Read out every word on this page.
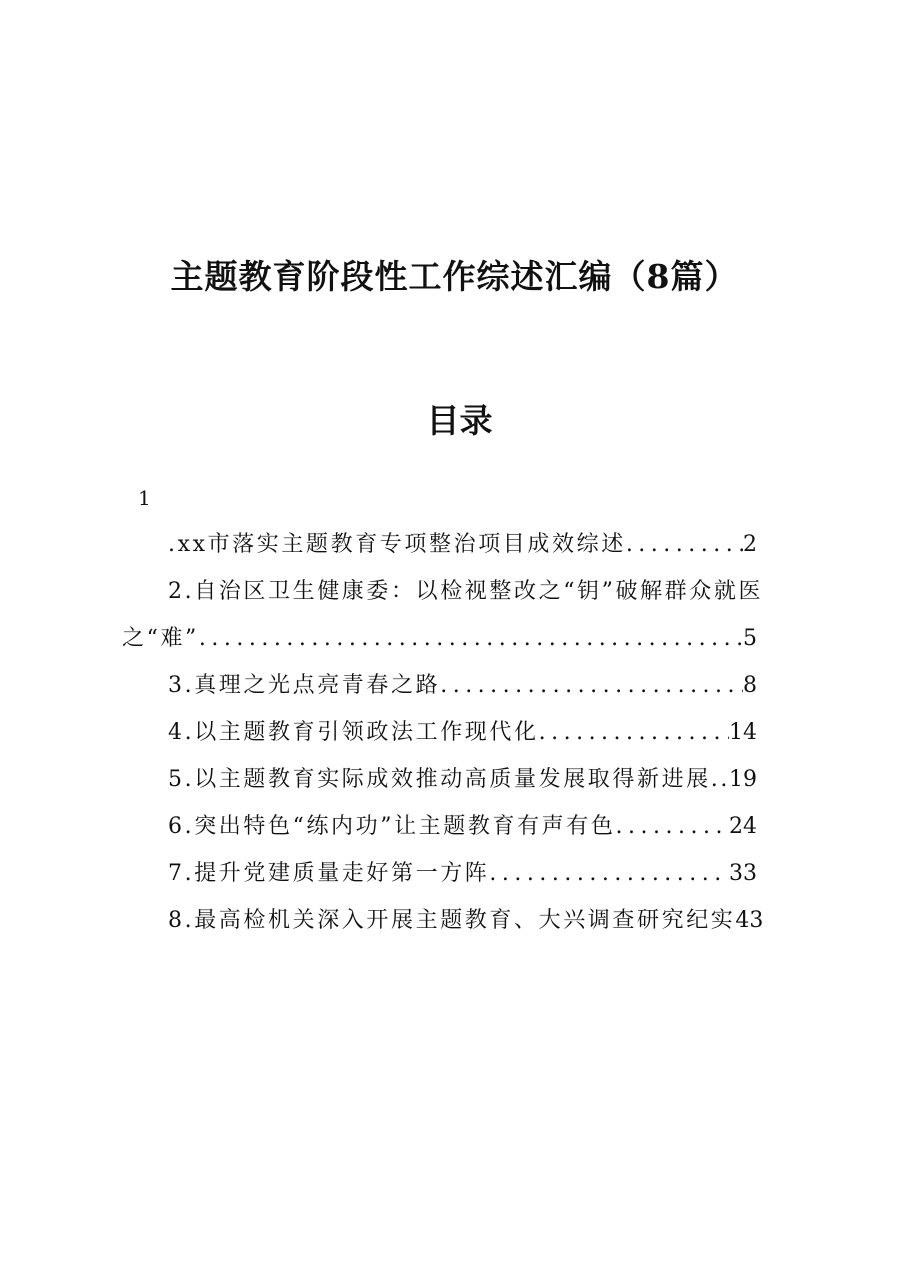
主题教育阶段性工作综述汇编（8篇）
目录
1
.xx市落实主题教育专项整治项目成效综述 .....	2
2.自治区卫生健康委：以检视整改之“钥”破解群众就医
之“难” .....	5
3.真理之光点亮青春之路 .....	8
4.以主题教育引领政法工作现代化 .....	14
5.以主题教育实际成效推动高质量发展取得新进展. ..... 19
6.突出特色“练内功”让主题教育有声有色 .....	24
7.提升党建质量走好第一方阵 .....	33
8.最高检机关深入开展主题教育、大兴调查研究纪实 43
